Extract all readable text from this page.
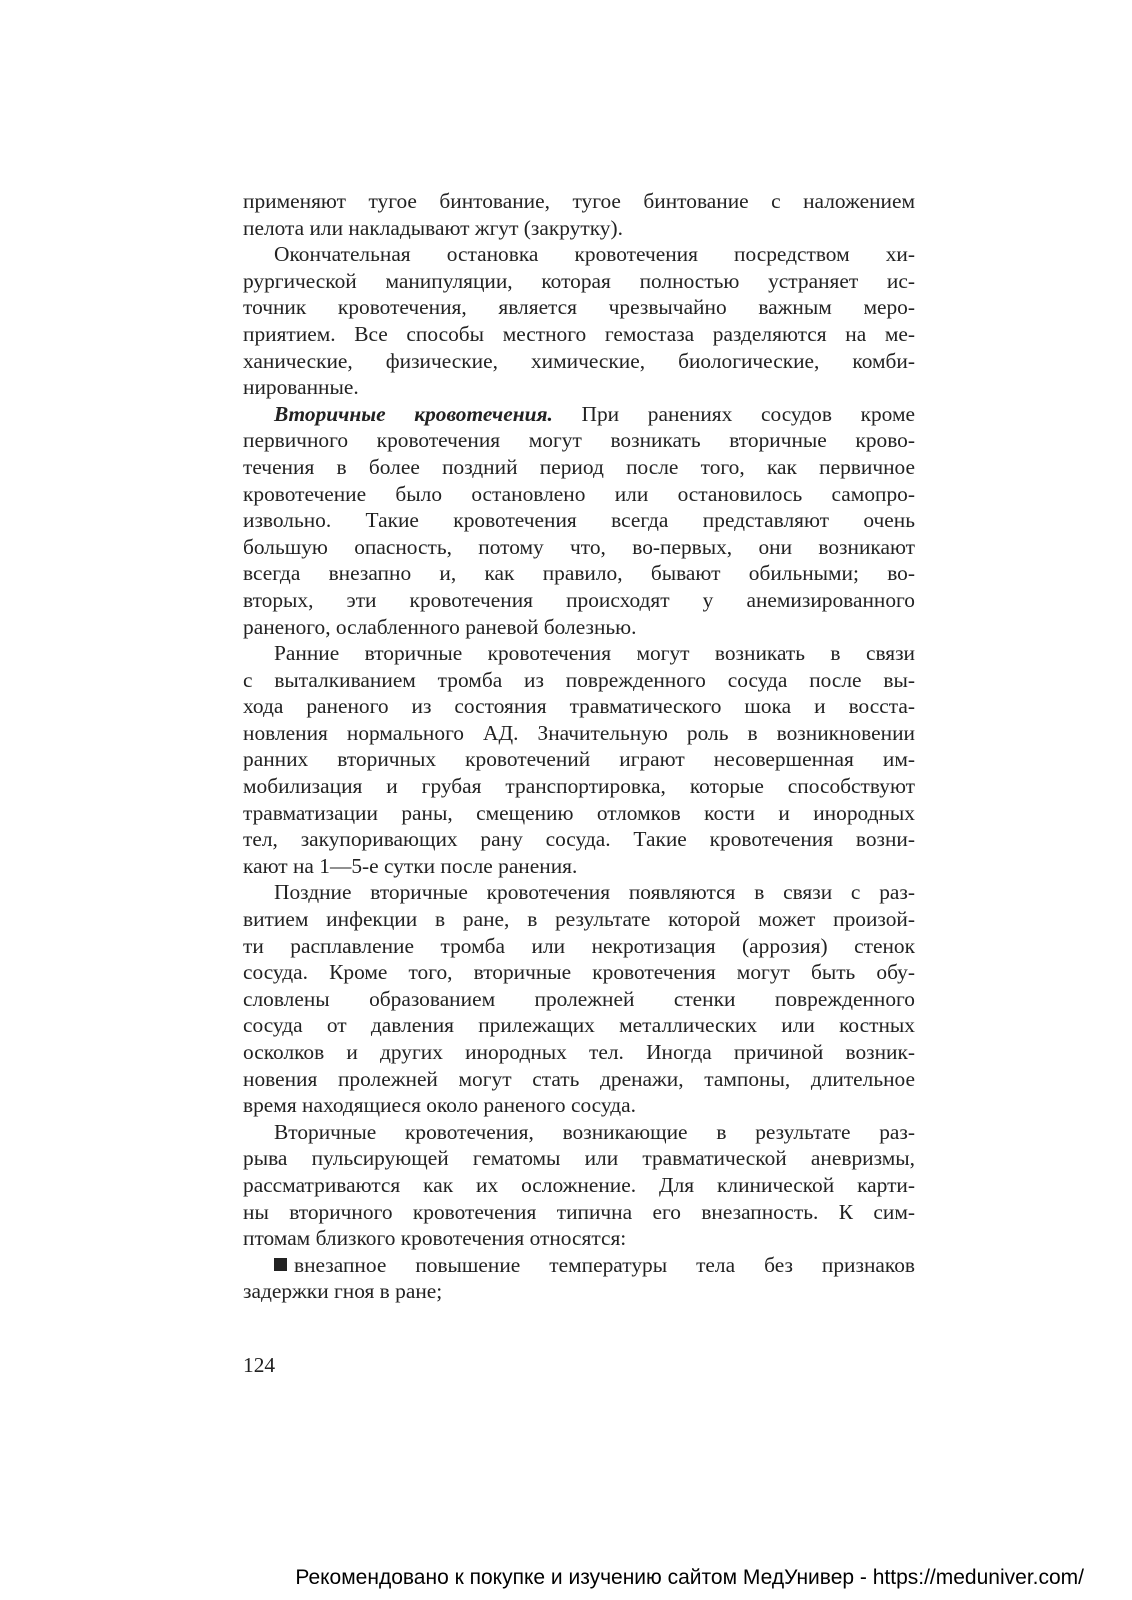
применяют тугое бинтование, тугое бинтование с наложением
пелота или накладывают жгут (закрутку).
Окончательная остановка кровотечения посредством хи-
рургической манипуляции, которая полностью устраняет ис-
точник кровотечения, является чрезвычайно важным меро-
приятием. Все способы местного гемостаза разделяются на ме-
ханические, физические, химические, биологические, комби-
нированные.
Вторичные кровотечения. При ранениях сосудов кроме
первичного кровотечения могут возникать вторичные крово-
течения в более поздний период после того, как первичное
кровотечение было остановлено или остановилось самопро-
извольно. Такие кровотечения всегда представляют очень
большую опасность, потому что, во-первых, они возникают
всегда внезапно и, как правило, бывают обильными; во-
вторых, эти кровотечения происходят у анемизированного
раненого, ослабленного раневой болезнью.
Ранние вторичные кровотечения могут возникать в связи
с выталкиванием тромба из поврежденного сосуда после вы-
хода раненого из состояния травматического шока и восста-
новления нормального АД. Значительную роль в возникновении
ранних вторичных кровотечений играют несовершенная им-
мобилизация и грубая транспортировка, которые способствуют
травматизации раны, смещению отломков кости и инородных
тел, закупоривающих рану сосуда. Такие кровотечения возни-
кают на 1—5-е сутки после ранения.
Поздние вторичные кровотечения появляются в связи с раз-
витием инфекции в ране, в результате которой может произой-
ти расплавление тромба или некротизация (аррозия) стенок
сосуда. Кроме того, вторичные кровотечения могут быть обу-
словлены образованием пролежней стенки поврежденного
сосуда от давления прилежащих металлических или костных
осколков и других инородных тел. Иногда причиной возник-
новения пролежней могут стать дренажи, тампоны, длительное
время находящиеся около раненого сосуда.
Вторичные кровотечения, возникающие в результате раз-
рыва пульсирующей гематомы или травматической аневризмы,
рассматриваются как их осложнение. Для клинической карти-
ны вторичного кровотечения типична его внезапность. К сим-
птомам близкого кровотечения относятся:
внезапное повышение температуры тела без признаков
задержки гноя в ране;
124
Рекомендовано к покупке и изучению сайтом МедУнивер - https://meduniver.com/
